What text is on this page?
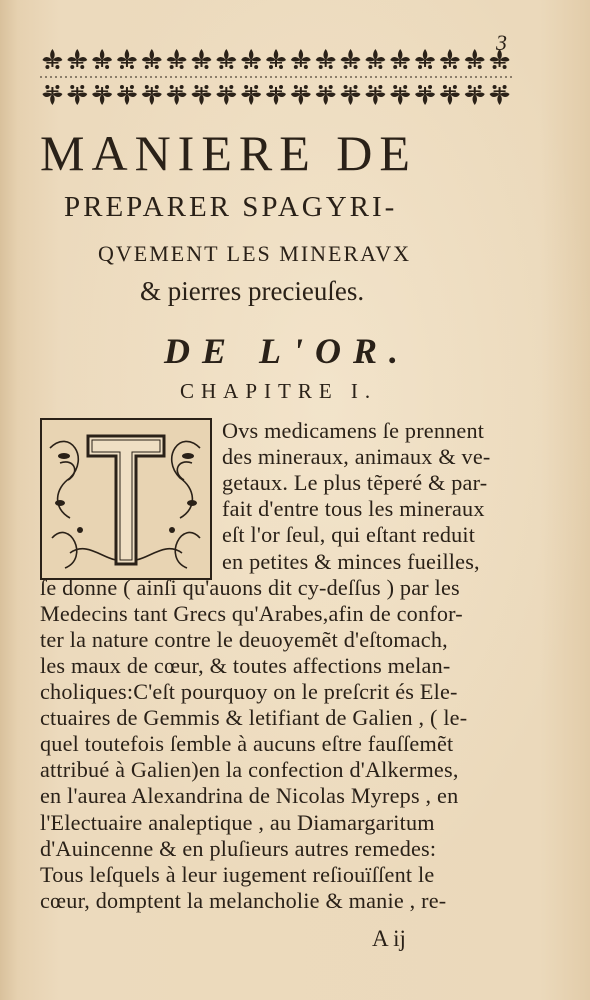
3
MANIERE DE
PREPARER SPAGYRI-
QVEMENT LES MINERAVX
& pierres precieuſes.
DE L'OR.
CHAPITRE I.
Ovs medicamens ſe prennent
des mineraux, animaux & ve-
getaux. Le plus tẽperé & par-
fait d'entre tous les mineraux
eſt l'or ſeul, qui eſtant reduit
en petites & minces fueilles,
ſe donne ( ainſi qu'auons dit cy-deſſus ) par les
Medecins tant Grecs qu'Arabes,afin de confor-
ter la nature contre le deuoyemẽt d'eſtomach,
les maux de cœur, & toutes affections melan-
choliques:C'eſt pourquoy on le preſcrit és Ele-
ctuaires de Gemmis & letifiant de Galien , ( le-
quel toutefois ſemble à aucuns eſtre fauſſemẽt
attribué à Galien)en la confection d'Alkermes,
en l'aurea Alexandrina de Nicolas Myreps , en
l'Electuaire analeptique , au Diamargaritum
d'Auincenne & en pluſieurs autres remedes:
Tous leſquels à leur iugement reſiouïſſent le
cœur, domptent la melancholie & manie , re-
A ij
